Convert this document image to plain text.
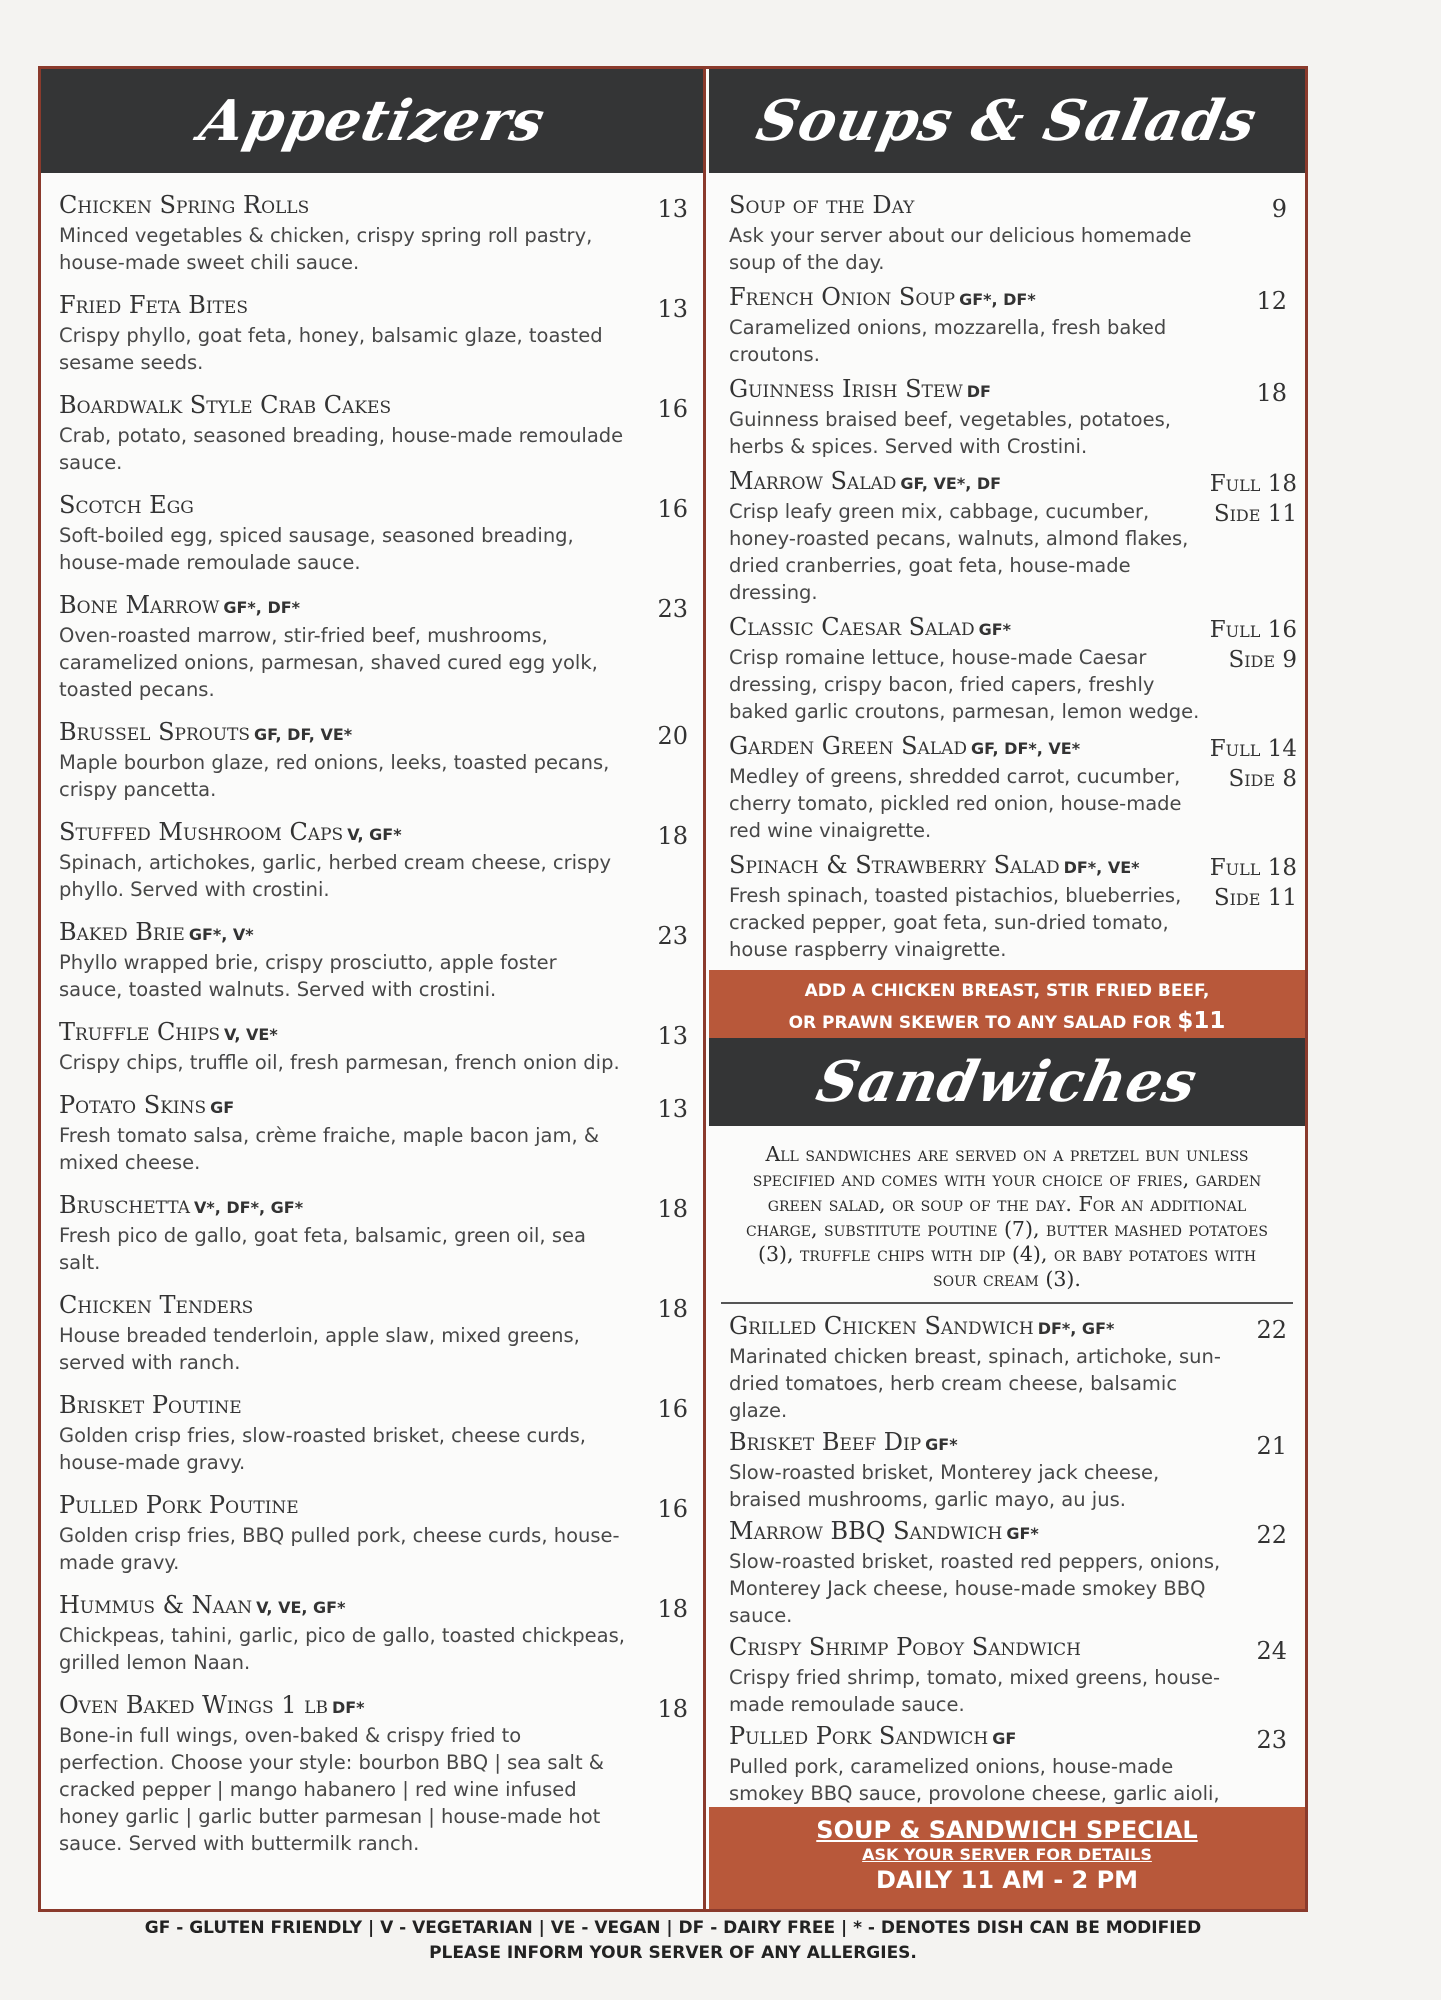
Appetizers
Chicken Spring Rolls
Minced vegetables & chicken, crispy spring roll pastry, house-made sweet chili sauce.
13
Fried Feta Bites
Crispy phyllo, goat feta, honey, balsamic glaze, toasted sesame seeds.
13
Boardwalk Style Crab Cakes
Crab, potato, seasoned breading, house-made remoulade sauce.
16
Scotch Egg
Soft-boiled egg, spiced sausage, seasoned breading, house-made remoulade sauce.
16
Bone Marrow GF*, DF*
Oven-roasted marrow, stir-fried beef, mushrooms, caramelized onions, parmesan, shaved cured egg yolk, toasted pecans.
23
Brussel Sprouts GF, DF, VE*
Maple bourbon glaze, red onions, leeks, toasted pecans, crispy pancetta.
20
Stuffed Mushroom Caps V, GF*
Spinach, artichokes, garlic, herbed cream cheese, crispy phyllo. Served with crostini.
18
Baked Brie GF*, V*
Phyllo wrapped brie, crispy prosciutto, apple foster sauce, toasted walnuts. Served with crostini.
23
Truffle Chips V, VE*
Crispy chips, truffle oil, fresh parmesan, french onion dip.
13
Potato Skins GF
Fresh tomato salsa, crème fraiche, maple bacon jam, & mixed cheese.
13
Bruschetta V*, DF*, GF*
Fresh pico de gallo, goat feta, balsamic, green oil, sea salt.
18
Chicken Tenders
House breaded tenderloin, apple slaw, mixed greens, served with ranch.
18
Brisket Poutine
Golden crisp fries, slow-roasted brisket, cheese curds, house-made gravy.
16
Pulled Pork Poutine
Golden crisp fries, BBQ pulled pork, cheese curds, house-made gravy.
16
Hummus & Naan V, VE, GF*
Chickpeas, tahini, garlic, pico de gallo, toasted chickpeas, grilled lemon Naan.
18
Oven Baked Wings 1 lb DF*
Bone-in full wings, oven-baked & crispy fried to perfection. Choose your style: bourbon BBQ | sea salt & cracked pepper | mango habanero | red wine infused honey garlic | garlic butter parmesan | house-made hot sauce. Served with buttermilk ranch.
18
Soups & Salads
Soup of the Day
Ask your server about our delicious homemade soup of the day.
9
French Onion Soup GF*, DF*
Caramelized onions, mozzarella, fresh baked croutons.
12
Guinness Irish Stew DF
Guinness braised beef, vegetables, potatoes, herbs & spices. Served with Crostini.
18
Marrow Salad GF, VE*, DF
Crisp leafy green mix, cabbage, cucumber, honey-roasted pecans, walnuts, almond flakes, dried cranberries, goat feta, house-made dressing.
Full 18
Side 11
Classic Caesar Salad GF*
Crisp romaine lettuce, house-made Caesar dressing, crispy bacon, fried capers, freshly baked garlic croutons, parmesan, lemon wedge.
Full 16
Side 9
Garden Green Salad GF, DF*, VE*
Medley of greens, shredded carrot, cucumber, cherry tomato, pickled red onion, house-made red wine vinaigrette.
Full 14
Side 8
Spinach & Strawberry Salad DF*, VE*
Fresh spinach, toasted pistachios, blueberries, cracked pepper, goat feta, sun-dried tomato, house raspberry vinaigrette.
Full 18
Side 11
ADD A CHICKEN BREAST, STIR FRIED BEEF,
OR PRAWN SKEWER TO ANY SALAD FOR $11
Sandwiches
All sandwiches are served on a pretzel bun unless specified and comes with your choice of fries, garden green salad, or soup of the day. For an additional charge, substitute poutine (7), butter mashed potatoes (3), truffle chips with dip (4), or baby potatoes with sour cream (3).
Grilled Chicken Sandwich DF*, GF*
Marinated chicken breast, spinach, artichoke, sun-dried tomatoes, herb cream cheese, balsamic glaze.
22
Brisket Beef Dip GF*
Slow-roasted brisket, Monterey jack cheese, braised mushrooms, garlic mayo, au jus.
21
Marrow BBQ Sandwich GF*
Slow-roasted brisket, roasted red peppers, onions, Monterey Jack cheese, house-made smokey BBQ sauce.
22
Crispy Shrimp Poboy Sandwich
Crispy fried shrimp, tomato, mixed greens, house-made remoulade sauce.
24
Pulled Pork Sandwich GF
Pulled pork, caramelized onions, house-made smokey BBQ sauce, provolone cheese, garlic aioli,
23
SOUP & SANDWICH SPECIAL
ASK YOUR SERVER FOR DETAILS
DAILY 11 AM - 2 PM
GF - GLUTEN FRIENDLY | V - VEGETARIAN | VE - VEGAN | DF - DAIRY FREE | * - DENOTES DISH CAN BE MODIFIED
PLEASE INFORM YOUR SERVER OF ANY ALLERGIES.
